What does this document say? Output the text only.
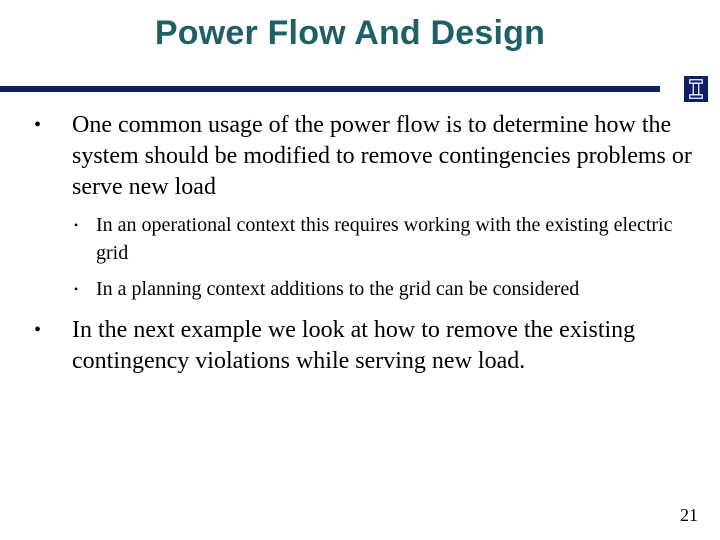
Power Flow And Design
• One common usage of the power flow is to determine how the system should be modified to remove contingencies problems or serve new load
• In an operational context this requires working with the existing electric grid
• In a planning context additions to the grid can be considered
• In the next example we look at how to remove the existing contingency violations while serving new load.
21
